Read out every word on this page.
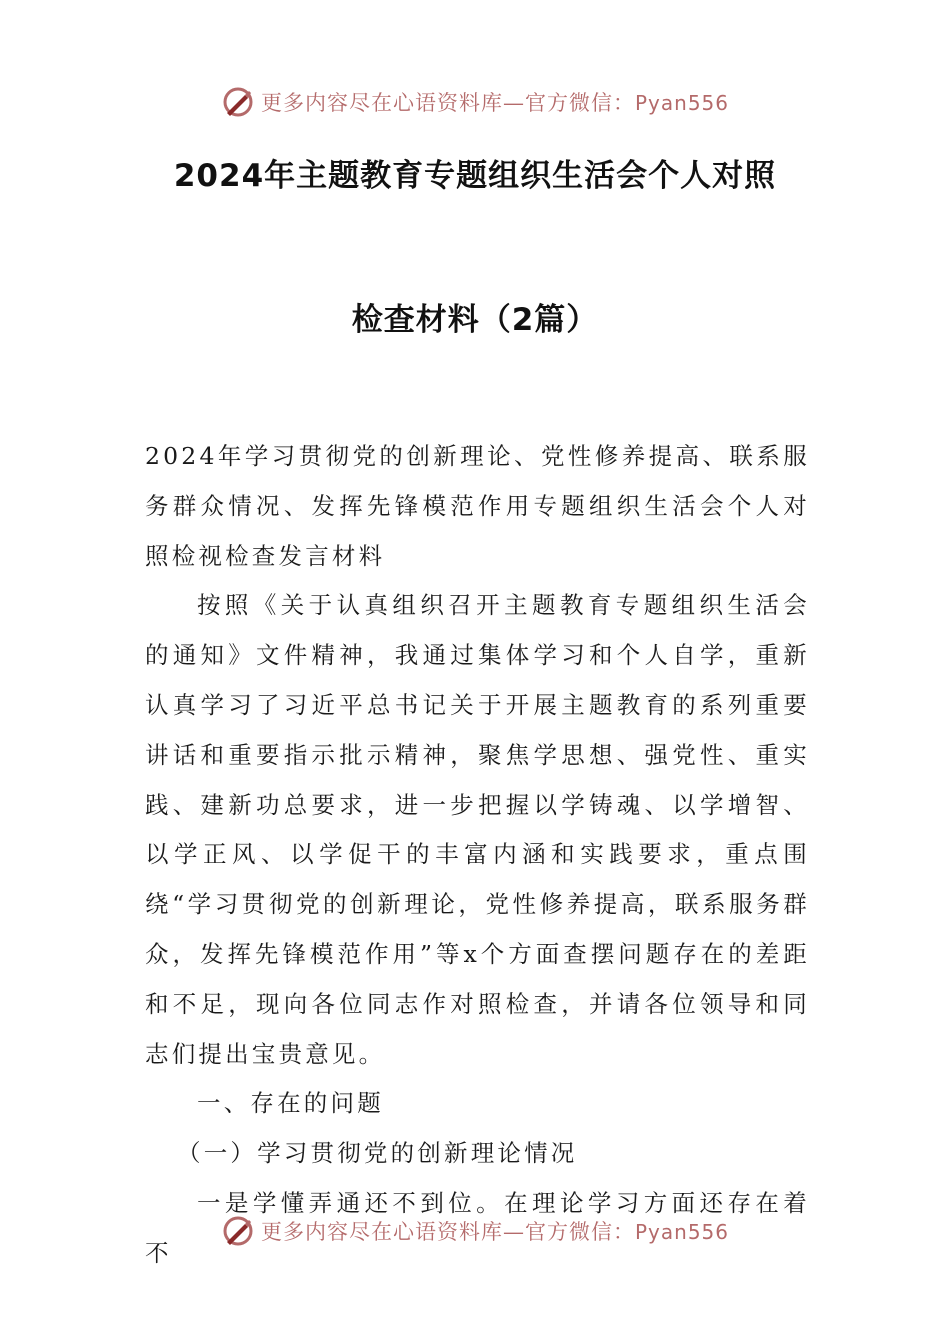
更多内容尽在心语资料库—官方微信：Pyan556
2024年主题教育专题组织生活会个人对照
检查材料（2篇）

2024年学习贯彻党的创新理论、党性修养提高、联系服务群众情况、发挥先锋模范作用专题组织生活会个人对照检视检查发言材料

按照《关于认真组织召开主题教育专题组织生活会的通知》文件精神，我通过集体学习和个人自学，重新认真学习了习近平总书记关于开展主题教育的系列重要讲话和重要指示批示精神，聚焦学思想、强党性、重实践、建新功总要求，进一步把握以学铸魂、以学增智、以学正风、以学促干的丰富内涵和实践要求，重点围绕“学习贯彻党的创新理论，党性修养提高，联系服务群众，发挥先锋模范作用”等x个方面查摆问题存在的差距和不足，现向各位同志作对照检查，并请各位领导和同志们提出宝贵意见。

一、存在的问题

（一）学习贯彻党的创新理论情况

一是学懂弄通还不到位。在理论学习方面还存在着不

更多内容尽在心语资料库—官方微信：Pyan556
